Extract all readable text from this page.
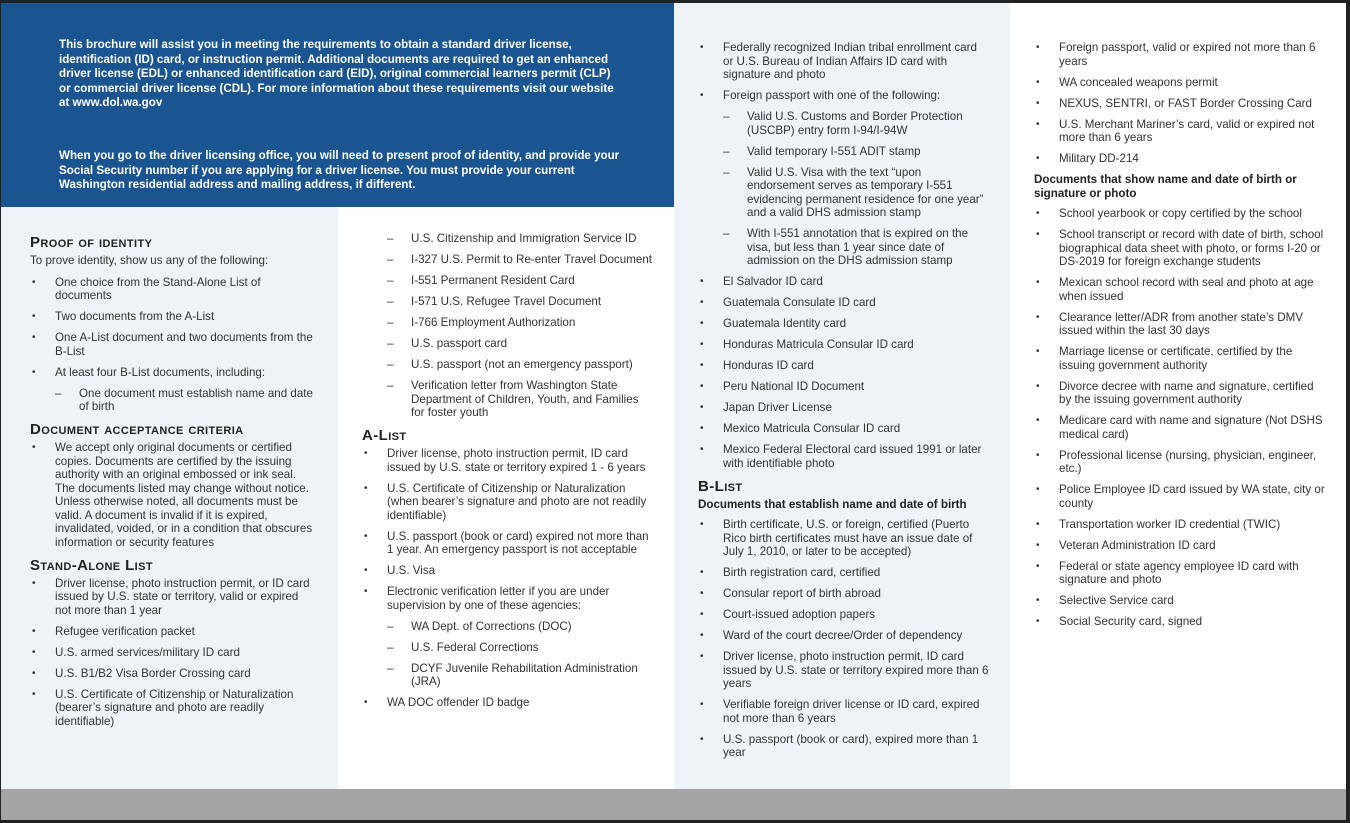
Proof of identity
To prove identity, show us any of the following:
• One choice from the Stand-Alone List of documents
• Two documents from the A-List
• One A-List document and two documents from the B-List
• At least four B-List documents, including:
– One document must establish name and date of birth
Document acceptance criteria
• We accept only original documents or certified copies. Documents are certified by the issuing authority with an original embossed or ink seal. The documents listed may change without notice. Unless otherwise noted, all documents must be valid. A document is invalid if it is expired, invalidated, voided, or in a condition that obscures information or security features
Stand-Alone List
• Driver license, photo instruction permit, or ID card issued by U.S. state or territory, valid or expired not more than 1 year
• Refugee verification packet
• U.S. armed services/military ID card
• U.S. B1/B2 Visa Border Crossing card
• U.S. Certificate of Citizenship or Naturalization (bearer’s signature and photo are readily identifiable)
– U.S. Citizenship and Immigration Service ID
– I-327 U.S. Permit to Re-enter Travel Document
– I-551 Permanent Resident Card
– I-571 U.S. Refugee Travel Document
– I-766 Employment Authorization
– U.S. passport card
– U.S. passport (not an emergency passport)
– Verification letter from Washington State Department of Children, Youth, and Families for foster youth
A-List
• Driver license, photo instruction permit, ID card issued by U.S. state or territory expired 1 - 6 years
• U.S. Certificate of Citizenship or Naturalization (when bearer’s signature and photo are not readily identifiable)
• U.S. passport (book or card) expired not more than 1 year. An emergency passport is not acceptable
• U.S. Visa
• Electronic verification letter if you are under supervision by one of these agencies:
– WA Dept. of Corrections (DOC)
– U.S. Federal Corrections
– DCYF Juvenile Rehabilitation Administration (JRA)
• WA DOC offender ID badge
• Federally recognized Indian tribal enrollment card or U.S. Bureau of Indian Affairs ID card with signature and photo
• Foreign passport with one of the following:
– Valid U.S. Customs and Border Protection (USCBP) entry form I-94/I-94W
– Valid temporary I-551 ADIT stamp
– Valid U.S. Visa with the text “upon endorsement serves as temporary I-551 evidencing permanent residence for one year” and a valid DHS admission stamp
– With I-551 annotation that is expired on the visa, but less than 1 year since date of admission on the DHS admission stamp
• El Salvador ID card
• Guatemala Consulate ID card
• Guatemala Identity card
• Honduras Matricula Consular ID card
• Honduras ID card
• Peru National ID Document
• Japan Driver License
• Mexico Matricula Consular ID card
• Mexico Federal Electoral card issued 1991 or later with identifiable photo
B-List
Documents that establish name and date of birth
• Birth certificate, U.S. or foreign, certified (Puerto Rico birth certificates must have an issue date of July 1, 2010, or later to be accepted)
• Birth registration card, certified
• Consular report of birth abroad
• Court-issued adoption papers
• Ward of the court decree/Order of dependency
• Driver license, photo instruction permit, ID card issued by U.S. state or territory expired more than 6 years
• Verifiable foreign driver license or ID card, expired not more than 6 years
• U.S. passport (book or card), expired more than 1 year
• Foreign passport, valid or expired not more than 6 years
• WA concealed weapons permit
• NEXUS, SENTRI, or FAST Border Crossing Card
• U.S. Merchant Mariner’s card, valid or expired not more than 6 years
• Military DD-214
Documents that show name and date of birth or signature or photo
• School yearbook or copy certified by the school
• School transcript or record with date of birth, school biographical data sheet with photo, or forms I-20 or DS-2019 for foreign exchange students
• Mexican school record with seal and photo at age when issued
• Clearance letter/ADR from another state’s DMV issued within the last 30 days
• Marriage license or certificate, certified by the issuing government authority
• Divorce decree with name and signature, certified by the issuing government authority
• Medicare card with name and signature (Not DSHS medical card)
• Professional license (nursing, physician, engineer, etc.)
• Police Employee ID card issued by WA state, city or county
• Transportation worker ID credential (TWIC)
• Veteran Administration ID card
• Federal or state agency employee ID card with signature and photo
• Selective Service card
• Social Security card, signed

This brochure will assist you in meeting the requirements to obtain a standard driver license, identification (ID) card, or instruction permit. Additional documents are required to get an enhanced driver license (EDL) or enhanced identification card (EID), original commercial learners permit (CLP) or commercial driver license (CDL). For more information about these requirements visit our website at www.dol.wa.gov

When you go to the driver licensing office, you will need to present proof of identity, and provide your Social Security number if you are applying for a driver license. You must provide your current Washington residential address and mailing address, if different.
